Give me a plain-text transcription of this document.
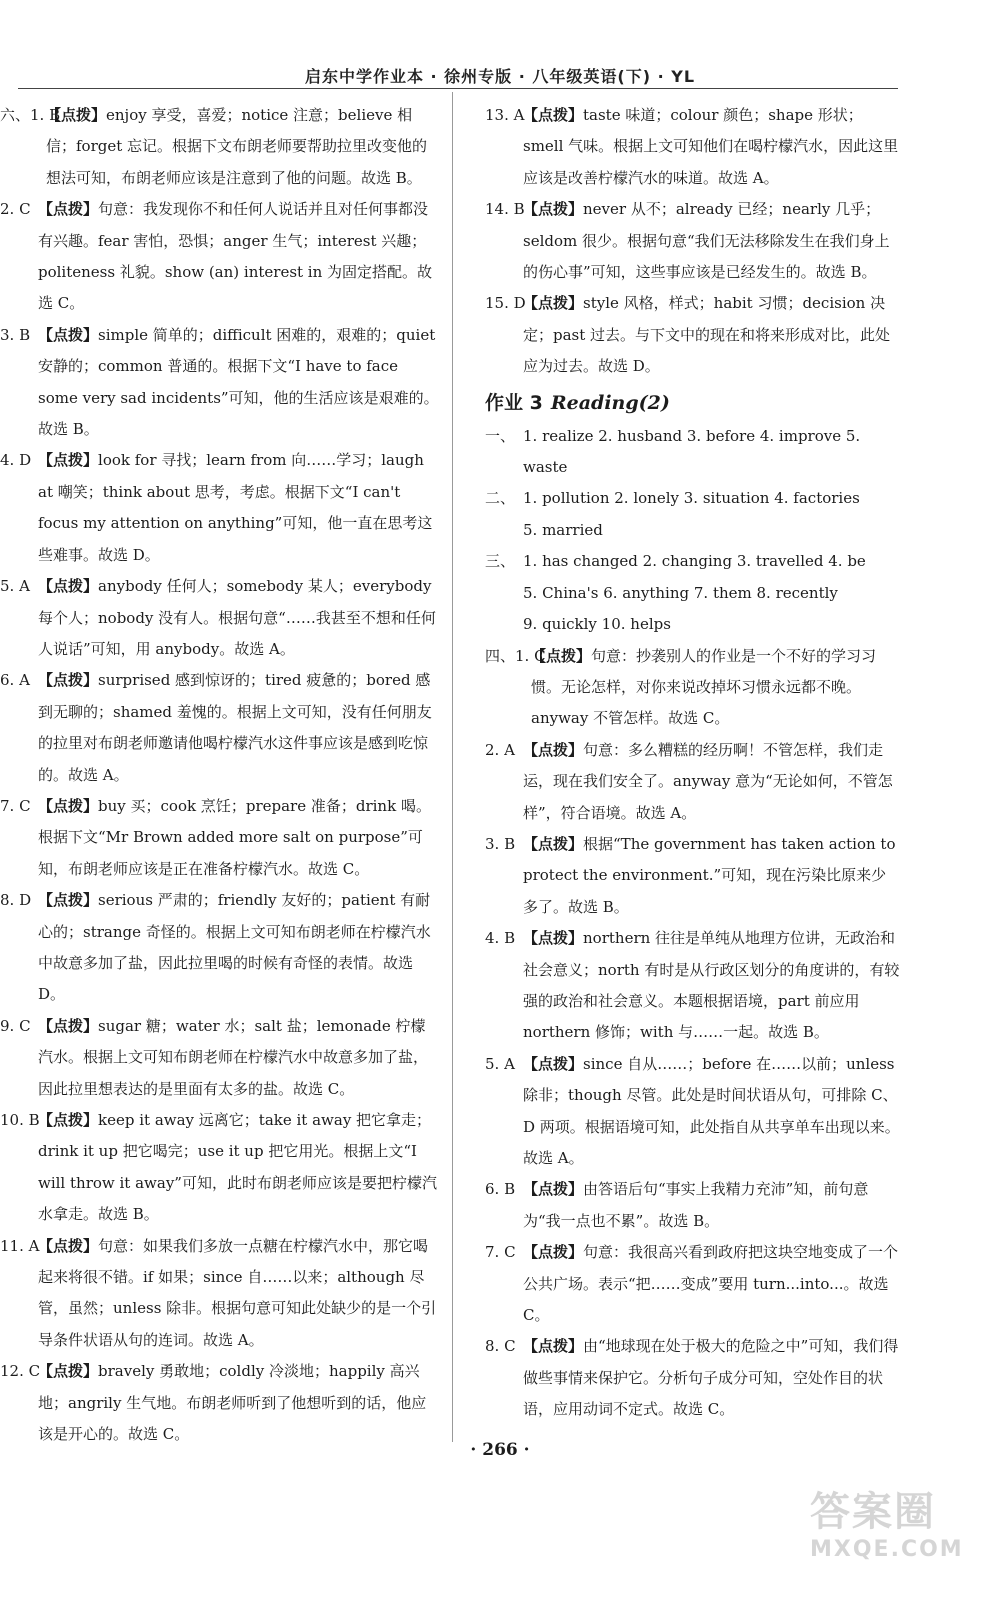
启东中学作业本 · 徐州专版 · 八年级英语(下) · YL
六、1. B
【点拨】enjoy 享受，喜爱；notice 注意；believe 相信；forget 忘记。根据下文布朗老师要帮助拉里改变他的想法可知，布朗老师应该是注意到了他的问题。故选 B。
2. C 【点拨】句意：我发现你不和任何人说话并且对任何事都没有兴趣。fear 害怕，恐惧；anger 生气；interest 兴趣；politeness 礼貌。show (an) interest in 为固定搭配。故选 C。
3. B 【点拨】simple 简单的；difficult 困难的，艰难的；quiet 安静的；common 普通的。根据下文“I have to face some very sad incidents”可知，他的生活应该是艰难的。故选 B。
4. D 【点拨】look for 寻找；learn from 向……学习；laugh at 嘲笑；think about 思考，考虑。根据下文“I can't focus my attention on anything”可知，他一直在思考这些难事。故选 D。
5. A 【点拨】anybody 任何人；somebody 某人；everybody 每个人；nobody 没有人。根据句意“……我甚至不想和任何人说话”可知，用 anybody。故选 A。
6. A 【点拨】surprised 感到惊讶的；tired 疲惫的；bored 感到无聊的；shamed 羞愧的。根据上文可知，没有任何朋友的拉里对布朗老师邀请他喝柠檬汽水这件事应该是感到吃惊的。故选 A。
7. C 【点拨】buy 买；cook 烹饪；prepare 准备；drink 喝。根据下文“Mr Brown added more salt on purpose”可知，布朗老师应该是正在准备柠檬汽水。故选 C。
8. D 【点拨】serious 严肃的；friendly 友好的；patient 有耐心的；strange 奇怪的。根据上文可知布朗老师在柠檬汽水中故意多加了盐，因此拉里喝的时候有奇怪的表情。故选 D。
9. C 【点拨】sugar 糖；water 水；salt 盐；lemonade 柠檬汽水。根据上文可知布朗老师在柠檬汽水中故意多加了盐，因此拉里想表达的是里面有太多的盐。故选 C。
10. B
【点拨】keep it away 远离它；take it away 把它拿走；drink it up 把它喝完；use it up 把它用光。根据上文“I will throw it away”可知，此时布朗老师应该是要把柠檬汽水拿走。故选 B。
11. A
【点拨】句意：如果我们多放一点糖在柠檬汽水中，那它喝起来将很不错。if 如果；since 自……以来；although 尽管，虽然；unless 除非。根据句意可知此处缺少的是一个引导条件状语从句的连词。故选 A。
12. C
【点拨】bravely 勇敢地；coldly 冷淡地；happily 高兴地；angrily 生气地。布朗老师听到了他想听到的话，他应该是开心的。故选 C。
13. A
【点拨】taste 味道；colour 颜色；shape 形状；smell 气味。根据上文可知他们在喝柠檬汽水，因此这里应该是改善柠檬汽水的味道。故选 A。
14. B
【点拨】never 从不；already 已经；nearly 几乎；seldom 很少。根据句意“我们无法移除发生在我们身上的伤心事”可知，这些事应该是已经发生的。故选 B。
15. D
【点拨】style 风格，样式；habit 习惯；decision 决定；past 过去。与下文中的现在和将来形成对比，此处应为过去。故选 D。
作业 3 Reading(2)
一、 1. realize 2. husband 3. before 4. improve 5. waste
二、 1. pollution 2. lonely 3. situation 4. factories
5. married
三、 1. has changed 2. changing 3. travelled 4. be
5. China's 6. anything 7. them 8. recently
9. quickly 10. helps
四、1. C
【点拨】句意：抄袭别人的作业是一个不好的学习习惯。无论怎样，对你来说改掉坏习惯永远都不晚。anyway 不管怎样。故选 C。
2. A 【点拨】句意：多么糟糕的经历啊！不管怎样，我们走运，现在我们安全了。anyway 意为“无论如何，不管怎样”，符合语境。故选 A。
3. B 【点拨】根据“The government has taken action to protect the environment.”可知，现在污染比原来少多了。故选 B。
4. B 【点拨】northern 往往是单纯从地理方位讲，无政治和社会意义；north 有时是从行政区划分的角度讲的，有较强的政治和社会意义。本题根据语境，part 前应用 northern 修饰；with 与……一起。故选 B。
5. A 【点拨】since 自从……；before 在……以前；unless 除非；though 尽管。此处是时间状语从句，可排除 C、D 两项。根据语境可知，此处指自从共享单车出现以来。故选 A。
6. B 【点拨】由答语后句“事实上我精力充沛”知，前句意为“我一点也不累”。故选 B。
7. C 【点拨】句意：我很高兴看到政府把这块空地变成了一个公共广场。表示“把……变成”要用 turn...into...。故选 C。
8. C 【点拨】由“地球现在处于极大的危险之中”可知，我们得做些事情来保护它。分析句子成分可知，空处作目的状语，应用动词不定式。故选 C。
· 266 ·
答案圈
MXQE.COM
